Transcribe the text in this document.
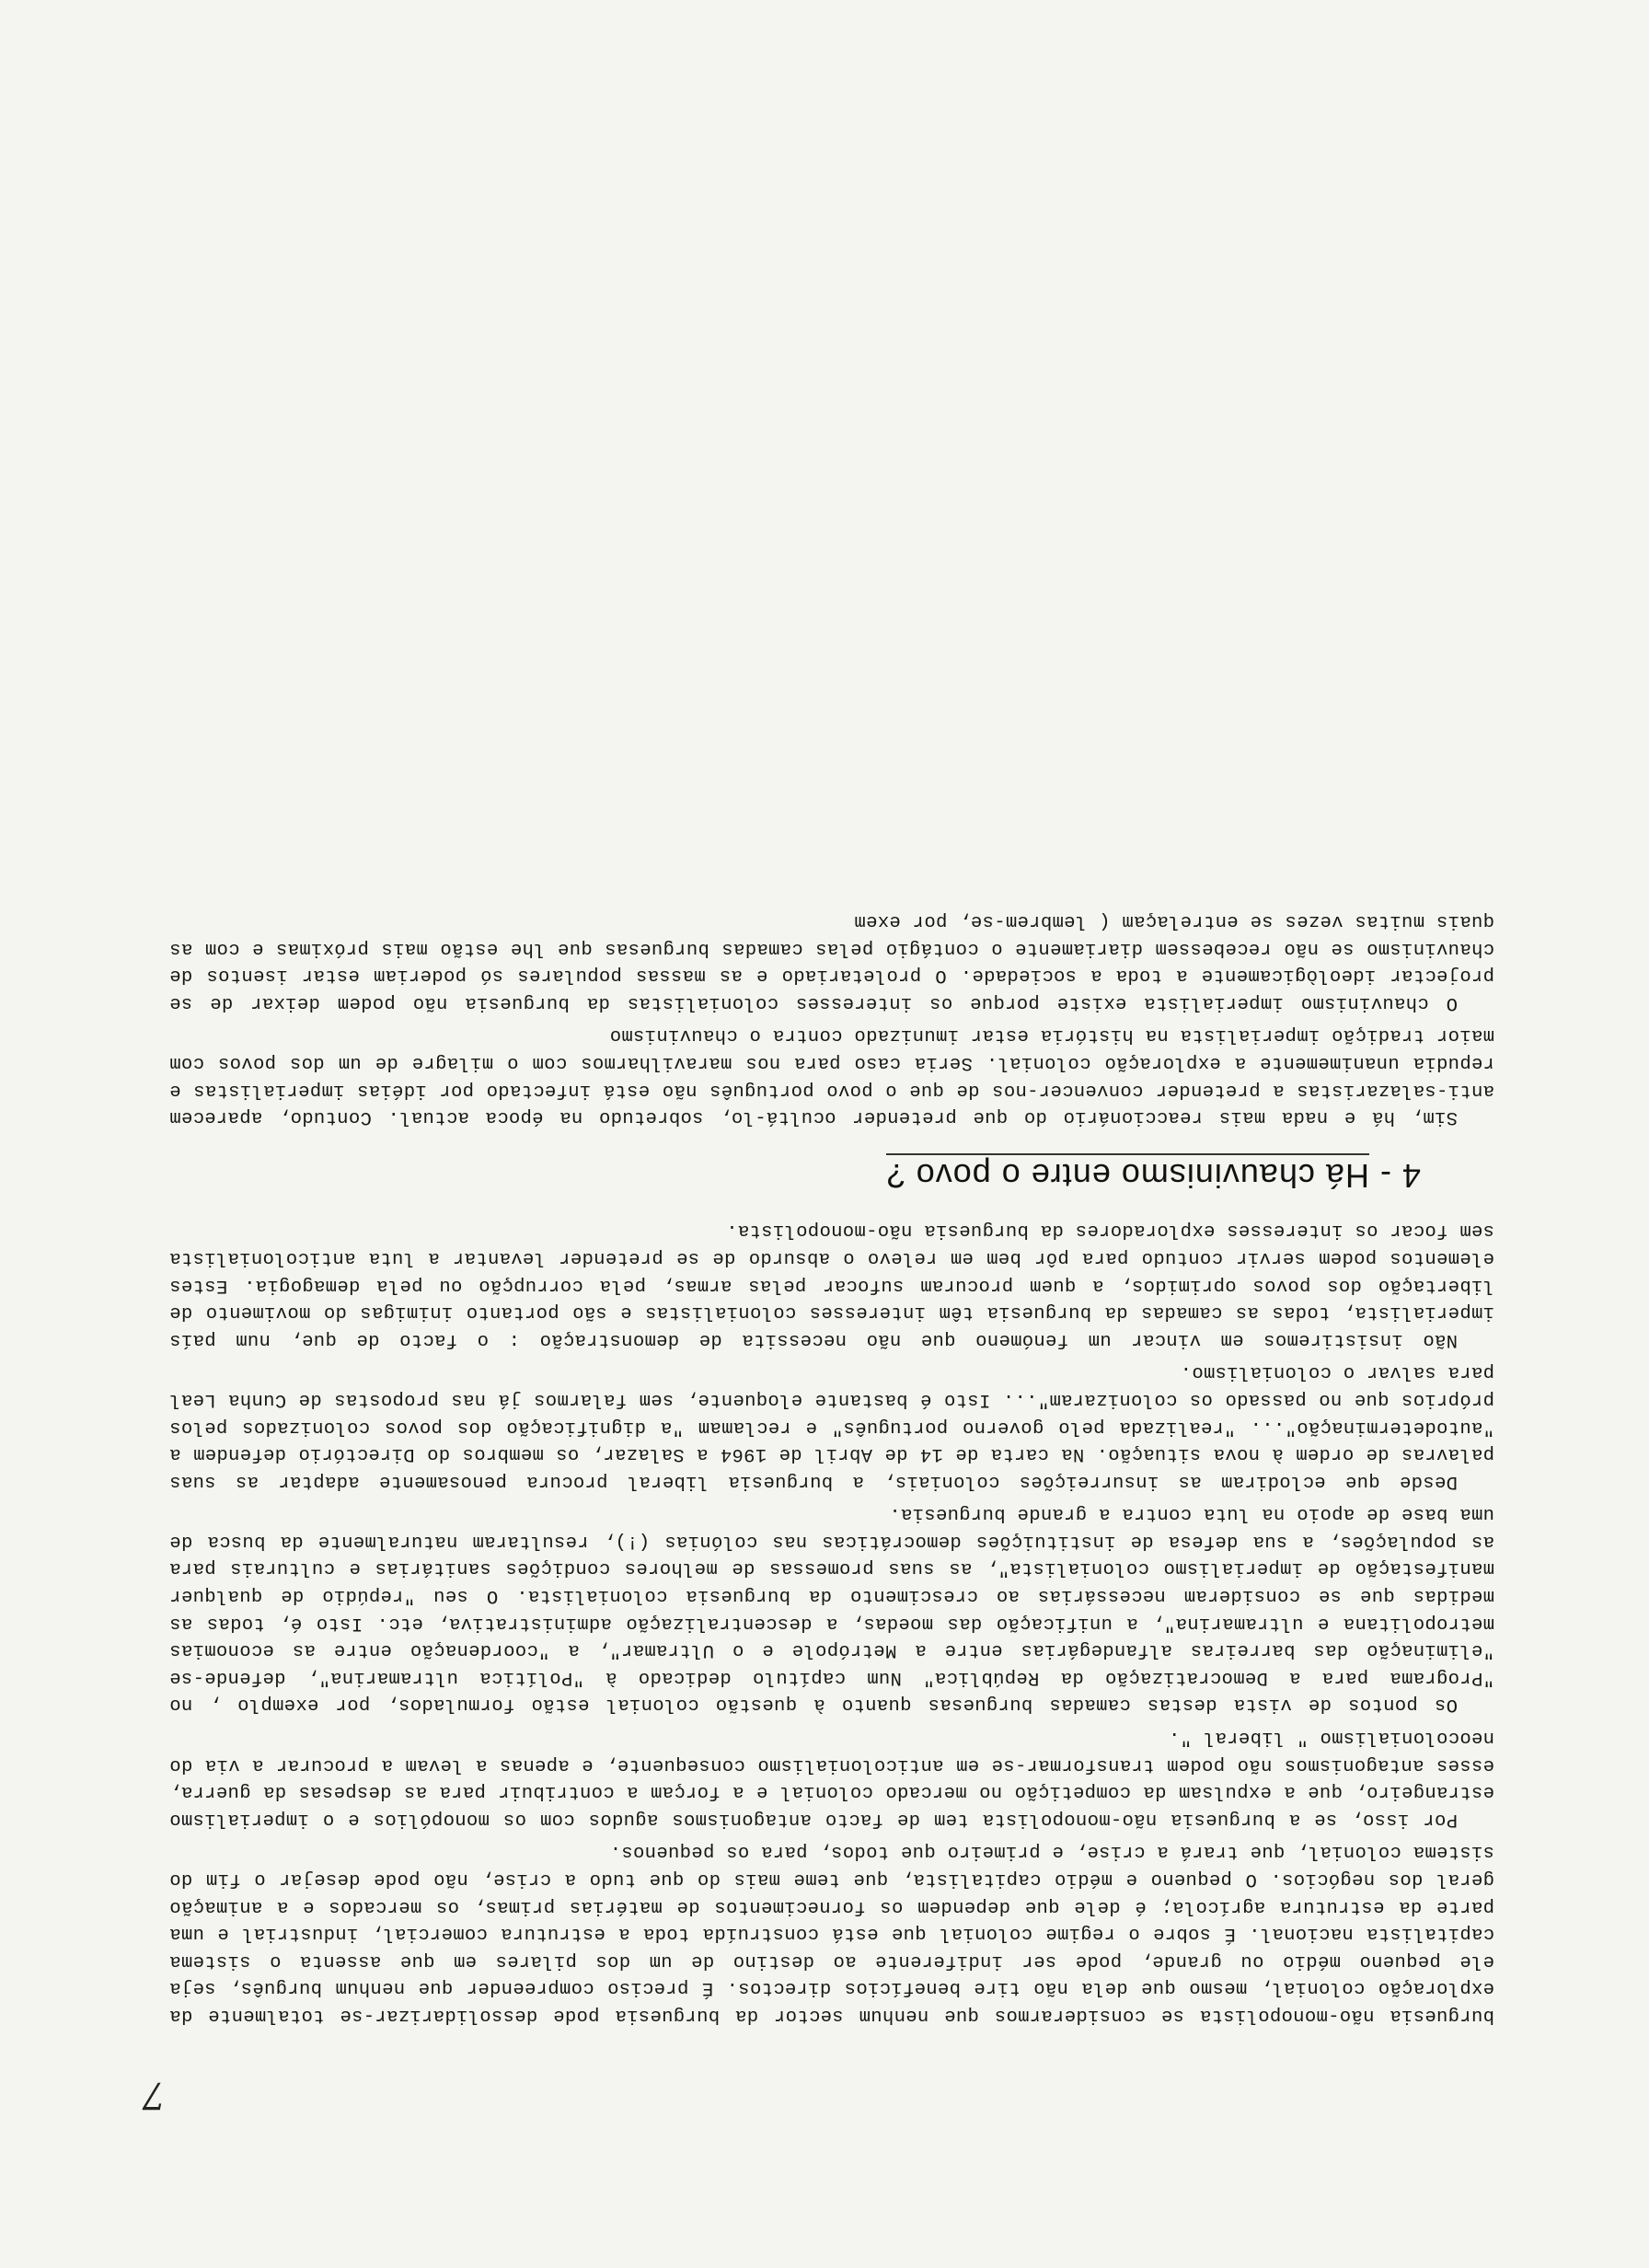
7

burguesia não-monopolista se considerarmos que nenhum sector da burguesia pode dessolidarizar-se totalmente da exploração colonial, mesmo que dela não tire benefícios directos. É preciso compreender que nenhum burguês, seja ele pequeno médio ou grande, pode ser indiferente ao destino de um dos pilares em que assenta o sistema capitalista nacional. É sobre o regime colonial que está construída toda a estrutura comercial, industrial e uma parte da estrutura agrícola; é dele que dependem os fornecimentos de matérias primas, os mercados e a animação geral dos negócios. O pequeno e médio capitalista, que teme mais do que tudo a crise, não pode desejar o fim do sistema colonial, que trará a crise, e primeiro que todos, para os pequenos.

Por isso, se a burguesia não-monopolista tem de facto antagonismos agudos com os monopólios e o imperialismo estrangeiro, que a expulsam da competição no mercado colonial e a forçam a contribuir para as despesas da guerra, esses antagonismos não podem transformar-se em anticolonialismo consequente, e apenas a levam a procurar a via do neocolonialismo " liberal ".

Os pontos de vista destas camadas burguesas quanto à questão colonial estão formulados, por exemplo , no "Programa para a Democratização da República" Num capítulo dedicado à "Política ultramarina", defende-se "eliminação das barreiras alfandegárias entre a Metrópole e o Ultramar", a "coordenação entre as economias metropolitana e ultramarina", a unificação das moedas, a descentralização administrativa, etc. Isto é, todas as medidas que se consideram necessárias ao crescimento da burguesia colonialista. O seu "repúdio de qualquer manifestação de imperialismo colonialista", as suas promessas de melhores condições sanitárias e culturais para as populações, a sua defesa de instituições democráticas nas colónias (!), resultaram naturalmente da busca de uma base de apoio na luta contra a grande burguesia.

Desde que eclodiram as insurreições coloniais, a burguesia liberal procura penosamente adaptar as suas palavras de ordem à nova situação. Na carta de 14 de Abril de 1964 a Salazar, os membros do Directório defendem a "autodeterminação"... "realizada pelo governo português" e reclamam "a dignificação dos povos colonizados pelos próprios que no passado os colonizaram"... Isto é bastante eloquente, sem falarmos já nas propostas de Cunha Leal para salvar o colonialismo.

Não insistiremos em vincar um fenómeno que não necessita de demonstração : o facto de que, num país imperialista, todas as camadas da burguesia têm interesses colonialistas e são portanto inimigas do movimento de libertação dos povos oprimidos, a quem procuram sufocar pelas armas, pela corrupção ou pela demagogia. Estes elementos podem servir contudo para pôr bem em relevo o absurdo de se pretender levantar a luta anticolonialista sem focar os interesses exploradores da burguesia não-monopolista.

4 - Há chauvinismo entre o povo ?

Sim, há e nada mais reaccionário do que pretender ocultá-lo, sobretudo na época actual. Contudo, aparecem anti-salazaristas a pretender convencer-nos de que o povo português não está infectado por idéias imperialistas e repudia unanimemente a exploração colonial. Seria caso para nos maravilharmos com o milagre de um dos povos com maior tradição imperialista na história estar imunizado contra o chauvinismo

O chauvinismo imperialista existe porque os interesses colonialistas da burguesia não podem deixar de se projectar ideològicamente a toda a sociedade. O proletariado e as massas populares só poderiam estar isentos de chauvinismo se não recebessem diariamente o contágio pelas camadas burguesas que lhe estão mais próximas e com as quais muitas vezes se entrelaçam ( lembrem-se, por exem
